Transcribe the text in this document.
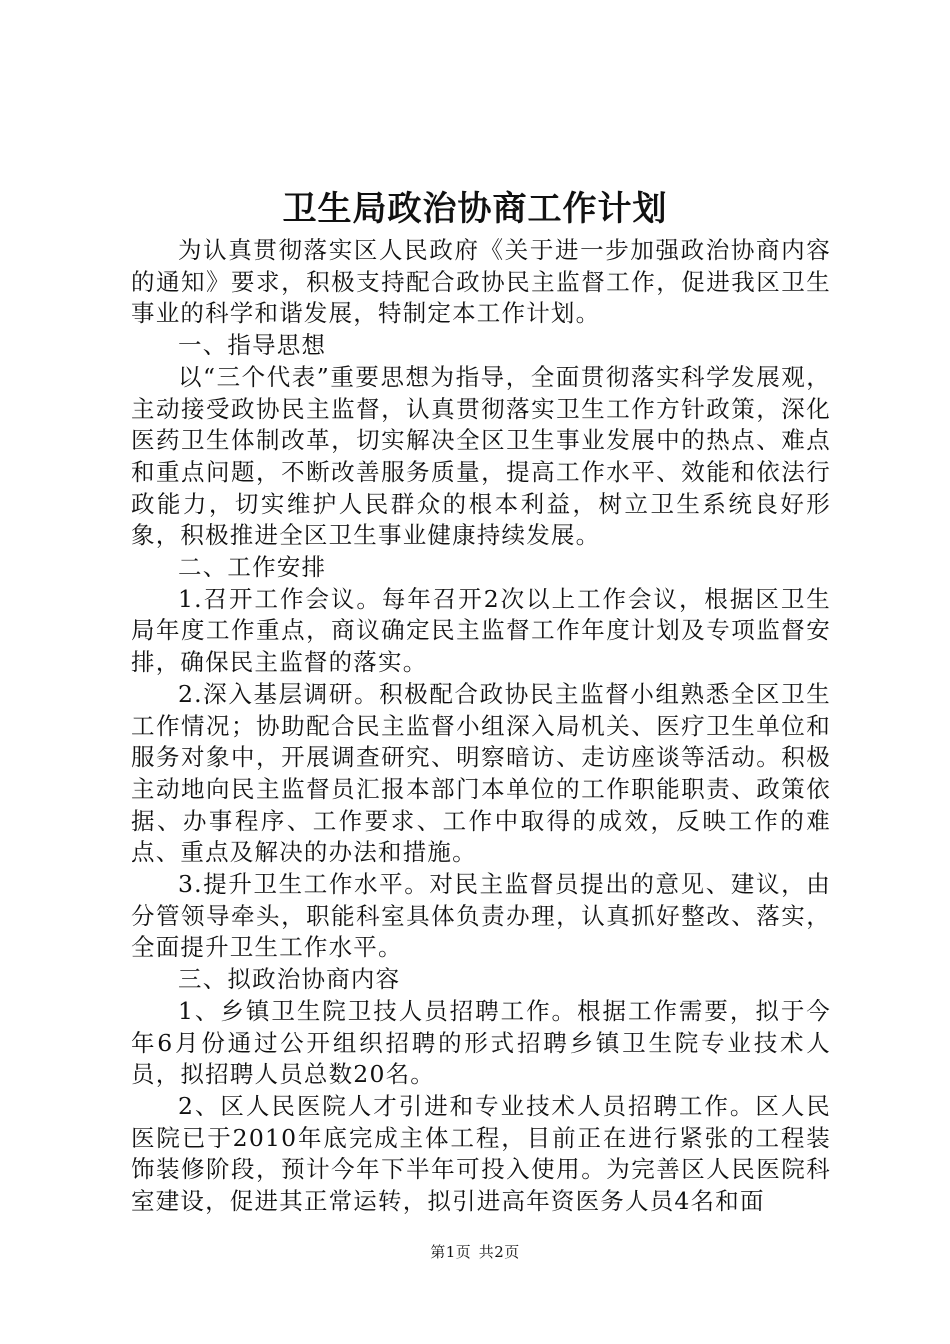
卫生局政治协商工作计划

为认真贯彻落实区人民政府《关于进一步加强政治协商内容的通知》要求，积极支持配合政协民主监督工作，促进我区卫生事业的科学和谐发展，特制定本工作计划。

一、指导思想

以“三个代表”重要思想为指导，全面贯彻落实科学发展观，主动接受政协民主监督，认真贯彻落实卫生工作方针政策，深化医药卫生体制改革，切实解决全区卫生事业发展中的热点、难点和重点问题，不断改善服务质量，提高工作水平、效能和依法行政能力，切实维护人民群众的根本利益，树立卫生系统良好形象，积极推进全区卫生事业健康持续发展。

二、工作安排

1.召开工作会议。每年召开2次以上工作会议，根据区卫生局年度工作重点，商议确定民主监督工作年度计划及专项监督安排，确保民主监督的落实。

2.深入基层调研。积极配合政协民主监督小组熟悉全区卫生工作情况；协助配合民主监督小组深入局机关、医疗卫生单位和服务对象中，开展调查研究、明察暗访、走访座谈等活动。积极主动地向民主监督员汇报本部门本单位的工作职能职责、政策依据、办事程序、工作要求、工作中取得的成效，反映工作的难点、重点及解决的办法和措施。

3.提升卫生工作水平。对民主监督员提出的意见、建议，由分管领导牵头，职能科室具体负责办理，认真抓好整改、落实，全面提升卫生工作水平。

三、拟政治协商内容

1、乡镇卫生院卫技人员招聘工作。根据工作需要，拟于今年6月份通过公开组织招聘的形式招聘乡镇卫生院专业技术人员，拟招聘人员总数20名。

2、区人民医院人才引进和专业技术人员招聘工作。区人民医院已于2010年底完成主体工程，目前正在进行紧张的工程装饰装修阶段，预计今年下半年可投入使用。为完善区人民医院科室建设，促进其正常运转，拟引进高年资医务人员4名和面

第1页 共2页
